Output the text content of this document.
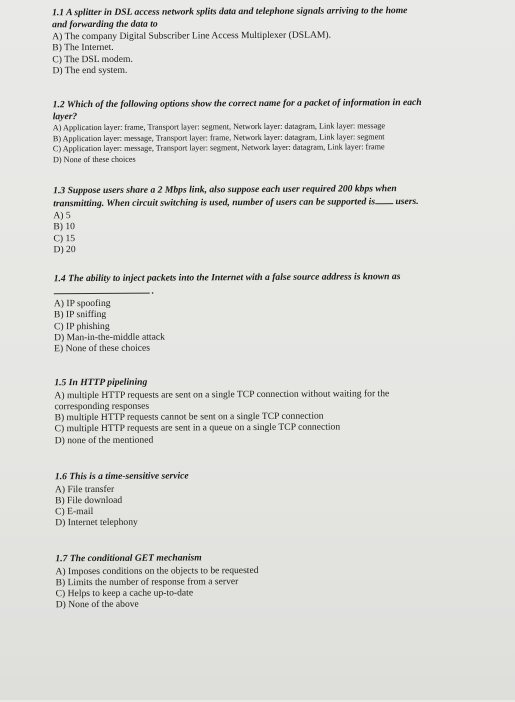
1.1 A splitter in DSL access network splits data and telephone signals arriving to the home
and forwarding the data to

A) The company Digital Subscriber Line Access Multiplexer (DSLAM).

B) The Internet.

C) The DSL modem.

D) The end system.

1.2 Which of the following options show the correct name for a packet of information in each
layer?

A) Application layer: frame, Transport layer: segment, Network layer: datagram, Link layer: message

B) Application layer: message, Transport layer: frame, Network layer: datagram, Link layer: segment

C) Application layer: message, Transport layer: segment, Network layer: datagram, Link layer: frame

D) None of these choices

1.3 Suppose users share a 2 Mbps link, also suppose each user required 200 kbps when
transmitting. When circuit switching is used, number of users can be supported is users.

A) 5

B) 10

C) 15

D) 20

1.4 The ability to inject packets into the Internet with a false source address is known as
.

A) IP spoofing

B) IP sniffing

C) IP phishing

D) Man-in-the-middle attack

E) None of these choices

1.5 In HTTP pipelining

A) multiple HTTP requests are sent on a single TCP connection without waiting for the

corresponding responses

B) multiple HTTP requests cannot be sent on a single TCP connection

C) multiple HTTP requests are sent in a queue on a single TCP connection

D) none of the mentioned

1.6 This is a time-sensitive service

A) File transfer

B) File download

C) E-mail

D) Internet telephony

1.7 The conditional GET mechanism

A) Imposes conditions on the objects to be requested

B) Limits the number of response from a server

C) Helps to keep a cache up-to-date

D) None of the above
